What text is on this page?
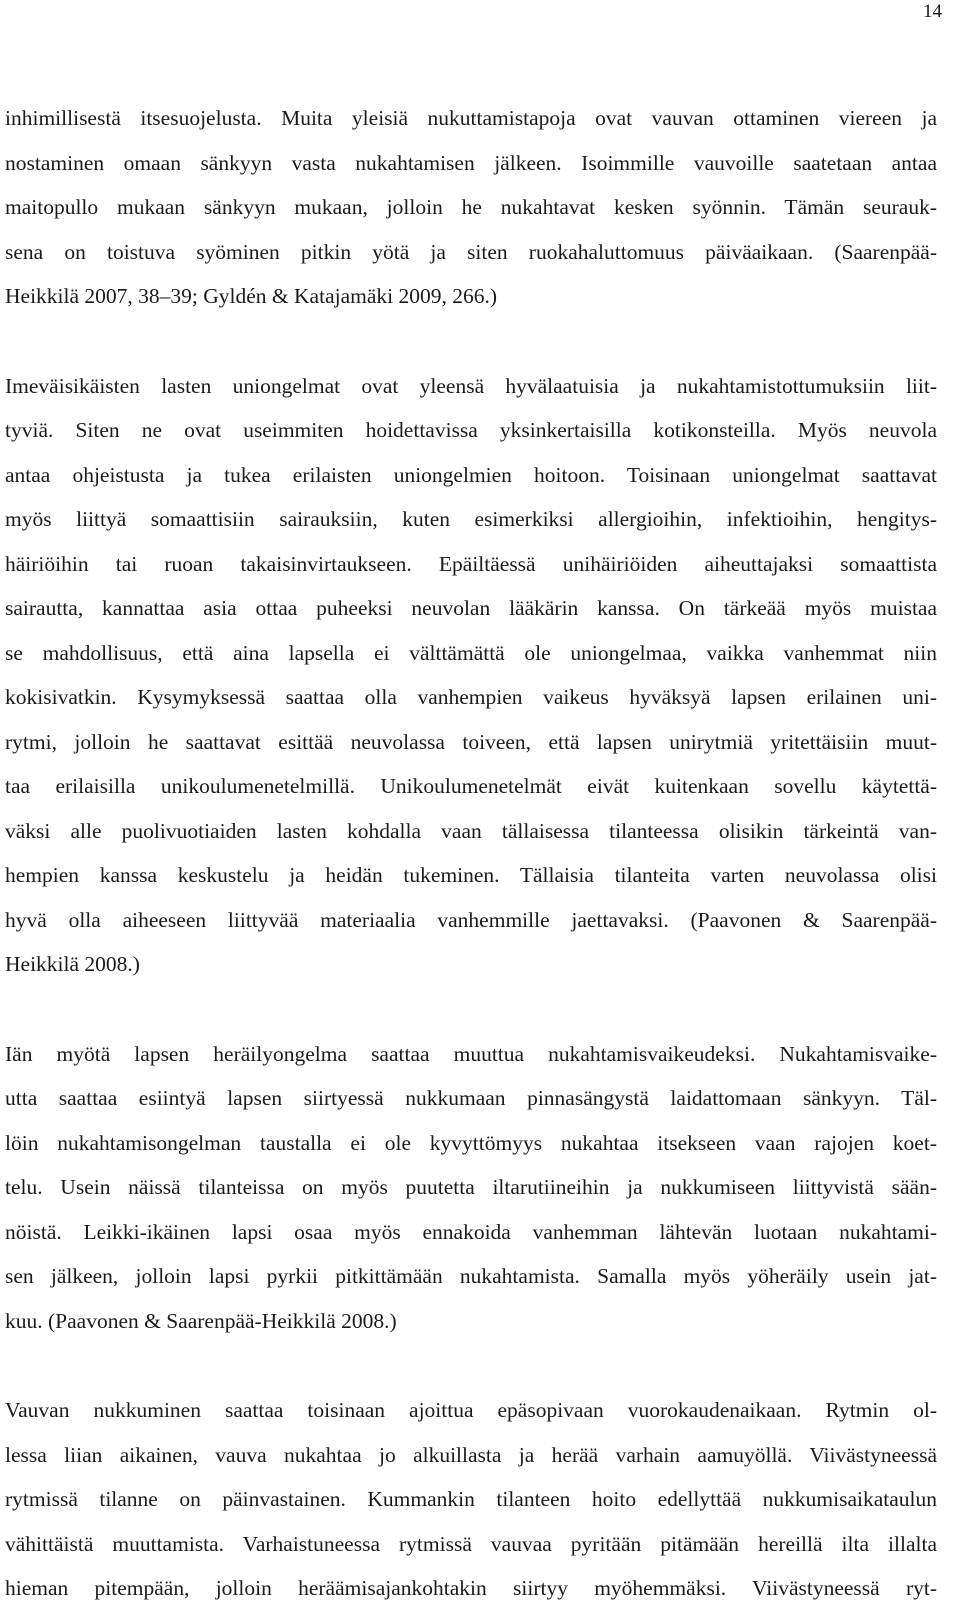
14

inhimillisestä itsesuojelusta. Muita yleisiä nukuttamistapoja ovat vauvan ottaminen viereen ja
nostaminen omaan sänkyyn vasta nukahtamisen jälkeen. Isoimmille vauvoille saatetaan antaa
maitopullo mukaan sänkyyn mukaan, jolloin he nukahtavat kesken syönnin. Tämän seurauk-
sena on toistuva syöminen pitkin yötä ja siten ruokahaluttomuus päiväaikaan. (Saarenpää-
Heikkilä 2007, 38–39; Gyldén & Katajamäki 2009, 266.)

Imeväisikäisten lasten uniongelmat ovat yleensä hyvälaatuisia ja nukahtamistottumuksiin liit-
tyviä. Siten ne ovat useimmiten hoidettavissa yksinkertaisilla kotikonsteilla. Myös neuvola
antaa ohjeistusta ja tukea erilaisten uniongelmien hoitoon. Toisinaan uniongelmat saattavat
myös liittyä somaattisiin sairauksiin, kuten esimerkiksi allergioihin, infektioihin, hengitys-
häiriöihin tai ruoan takaisinvirtaukseen. Epäiltäessä unihäiriöiden aiheuttajaksi somaattista
sairautta, kannattaa asia ottaa puheeksi neuvolan lääkärin kanssa. On tärkeää myös muistaa
se mahdollisuus, että aina lapsella ei välttämättä ole uniongelmaa, vaikka vanhemmat niin
kokisivatkin. Kysymyksessä saattaa olla vanhempien vaikeus hyväksyä lapsen erilainen uni-
rytmi, jolloin he saattavat esittää neuvolassa toiveen, että lapsen unirytmiä yritettäisiin muut-
taa erilaisilla unikoulumenetelmillä. Unikoulumenetelmät eivät kuitenkaan sovellu käytettä-
väksi alle puolivuotiaiden lasten kohdalla vaan tällaisessa tilanteessa olisikin tärkeintä van-
hempien kanssa keskustelu ja heidän tukeminen. Tällaisia tilanteita varten neuvolassa olisi
hyvä olla aiheeseen liittyvää materiaalia vanhemmille jaettavaksi. (Paavonen & Saarenpää-
Heikkilä 2008.)

Iän myötä lapsen heräilyongelma saattaa muuttua nukahtamisvaikeudeksi. Nukahtamisvaike-
utta saattaa esiintyä lapsen siirtyessä nukkumaan pinnasängystä laidattomaan sänkyyn. Täl-
löin nukahtamisongelman taustalla ei ole kyvyttömyys nukahtaa itsekseen vaan rajojen koet-
telu. Usein näissä tilanteissa on myös puutetta iltarutiineihin ja nukkumiseen liittyvistä sään-
nöistä. Leikki-ikäinen lapsi osaa myös ennakoida vanhemman lähtevän luotaan nukahtami-
sen jälkeen, jolloin lapsi pyrkii pitkittämään nukahtamista. Samalla myös yöheräily usein jat-
kuu. (Paavonen & Saarenpää-Heikkilä 2008.)

Vauvan nukkuminen saattaa toisinaan ajoittua epäsopivaan vuorokaudenaikaan. Rytmin ol-
lessa liian aikainen, vauva nukahtaa jo alkuillasta ja herää varhain aamuyöllä. Viivästyneessä
rytmissä tilanne on päinvastainen. Kummankin tilanteen hoito edellyttää nukkumisaikataulun
vähittäistä muuttamista. Varhaistuneessa rytmissä vauvaa pyritään pitämään hereillä ilta illalta
hieman pitempään, jolloin heräämisajankohtakin siirtyy myöhemmäksi. Viivästyneessä ryt-
